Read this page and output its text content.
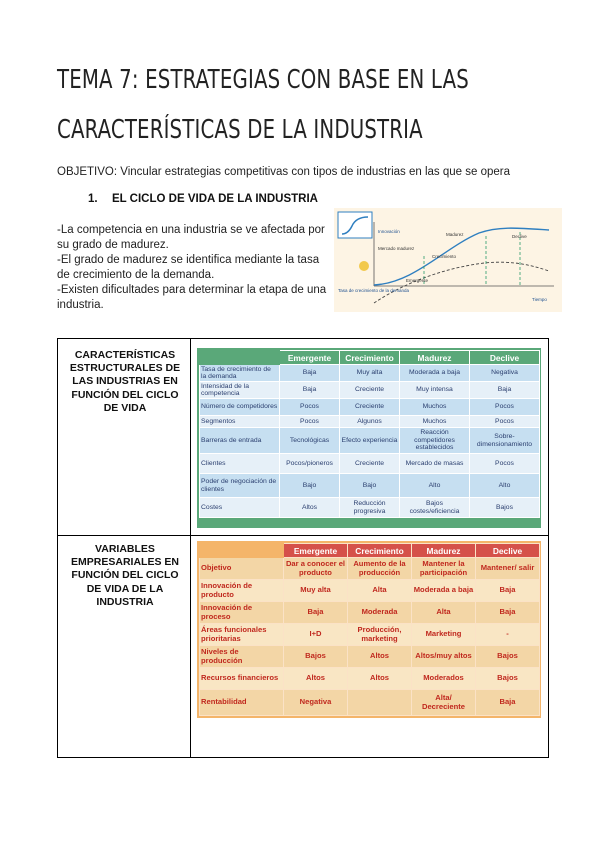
TEMA 7: ESTRATEGIAS CON BASE EN LAS CARACTERÍSTICAS DE LA INDUSTRIA
OBJETIVO: Vincular estrategias competitivas con tipos de industrias en las que se opera
1. EL CICLO DE VIDA DE LA INDUSTRIA

-La competencia en una industria se ve afectada por su grado de madurez.

-El grado de madurez se identifica mediante la tasa de crecimiento de la demanda.

-Existen dificultades para determinar la etapa de una industria.

Innovación
Mercado madurez
Madurez
Crecimiento
Declive
Emergente
Tasa de crecimiento de la demanda
Tiempo
CARACTERÍSTICAS ESTRUCTURALES DE LAS INDUSTRIAS EN FUNCIÓN DEL CICLO DE VIDA
VARIABLES EMPRESARIALES EN FUNCIÓN DEL CICLO DE VIDA DE LA INDUSTRIA
	Emergente	Crecimiento	Madurez	Declive
Tasa de crecimiento de la demanda	Baja	Muy alta	Moderada a baja	Negativa
Intensidad de la competencia	Baja	Creciente	Muy intensa	Baja
Número de competidores	Pocos	Creciente	Muchos	Pocos
Segmentos	Pocos	Algunos	Muchos	Pocos
Barreras de entrada	Tecnológicas	Efecto experiencia	Reacción competidores establecidos	Sobre-dimensionamiento
Clientes	Pocos/pioneros	Creciente	Mercado de masas	Pocos
Poder de negociación de clientes	Bajo	Bajo	Alto	Alto
Costes	Altos	Reducción progresiva	Bajos costes/eficiencia	Bajos
	Emergente	Crecimiento	Madurez	Declive
Objetivo	Dar a conocer el producto	Aumento de la producción	Mantener la participación	Mantener/ salir
Innovación de producto	Muy alta	Alta	Moderada a baja	Baja
Innovación de proceso	Baja	Moderada	Alta	Baja
Áreas funcionales prioritarias	I+D	Producción, marketing	Marketing	-
Niveles de producción	Bajos	Altos	Altos/muy altos	Bajos
Recursos financieros	Altos	Altos	Moderados	Bajos
Rentabilidad	Negativa		Alta/ Decreciente	Baja
